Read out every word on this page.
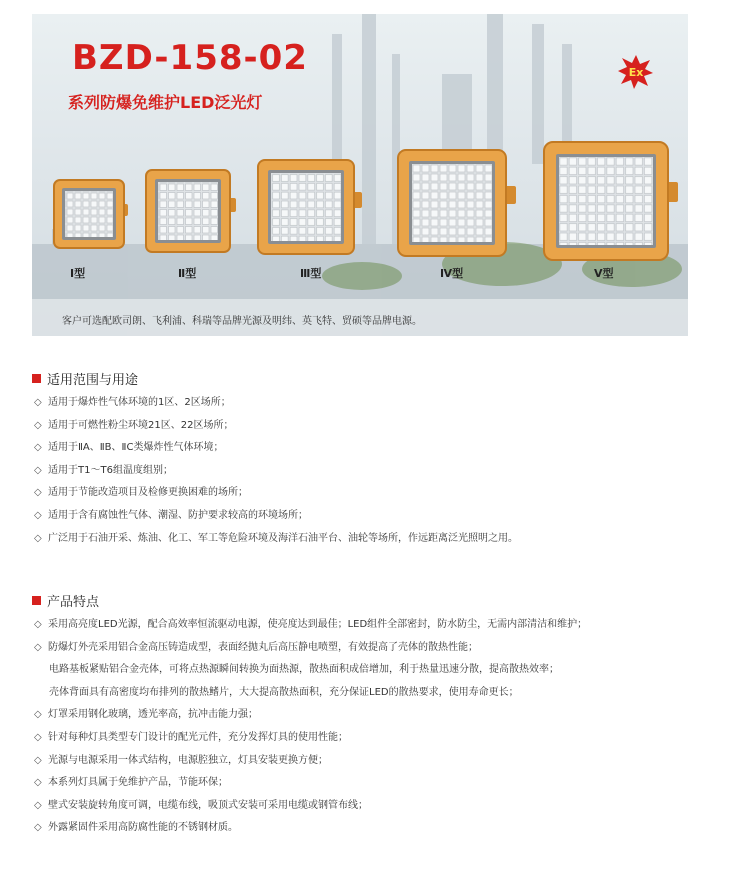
BZD-158-02
系列防爆免维护LED泛光灯
Ex
Ⅰ型	Ⅱ型	Ⅲ型	Ⅳ型	Ⅴ型
客户可选配欧司朗、飞利浦、科瑞等品牌光源及明纬、英飞特、贸硕等品牌电源。
适用范围与用途
◇ 适用于爆炸性气体环境的1区、2区场所；
◇ 适用于可燃性粉尘环境21区、22区场所；
◇ 适用于ⅡA、ⅡB、ⅡC类爆炸性气体环境；
◇ 适用于T1～T6组温度组别；
◇ 适用于节能改造项目及检修更换困难的场所；
◇ 适用于含有腐蚀性气体、潮湿、防护要求较高的环境场所；
◇ 广泛用于石油开采、炼油、化工、军工等危险环境及海洋石油平台、油轮等场所，作远距离泛光照明之用。
产品特点
◇ 采用高亮度LED光源，配合高效率恒流驱动电源，使亮度达到最佳；LED组件全部密封，防水防尘，无需内部清洁和维护；
◇ 防爆灯外壳采用铝合金高压铸造成型，表面经抛丸后高压静电喷塑，有效提高了壳体的散热性能；
电路基板紧贴铝合金壳体，可将点热源瞬间转换为面热源，散热面积成倍增加，利于热量迅速分散，提高散热效率；
壳体背面具有高密度均布排列的散热鳍片，大大提高散热面积，充分保证LED的散热要求，使用寿命更长；
◇ 灯罩采用钢化玻璃，透光率高，抗冲击能力强；
◇ 针对每种灯具类型专门设计的配光元件，充分发挥灯具的使用性能；
◇ 光源与电源采用一体式结构，电源腔独立，灯具安装更换方便；
◇ 本系列灯具属于免维护产品，节能环保；
◇ 壁式安装旋转角度可调，电缆布线，吸顶式安装可采用电缆或钢管布线；
◇ 外露紧固件采用高防腐性能的不锈钢材质。
